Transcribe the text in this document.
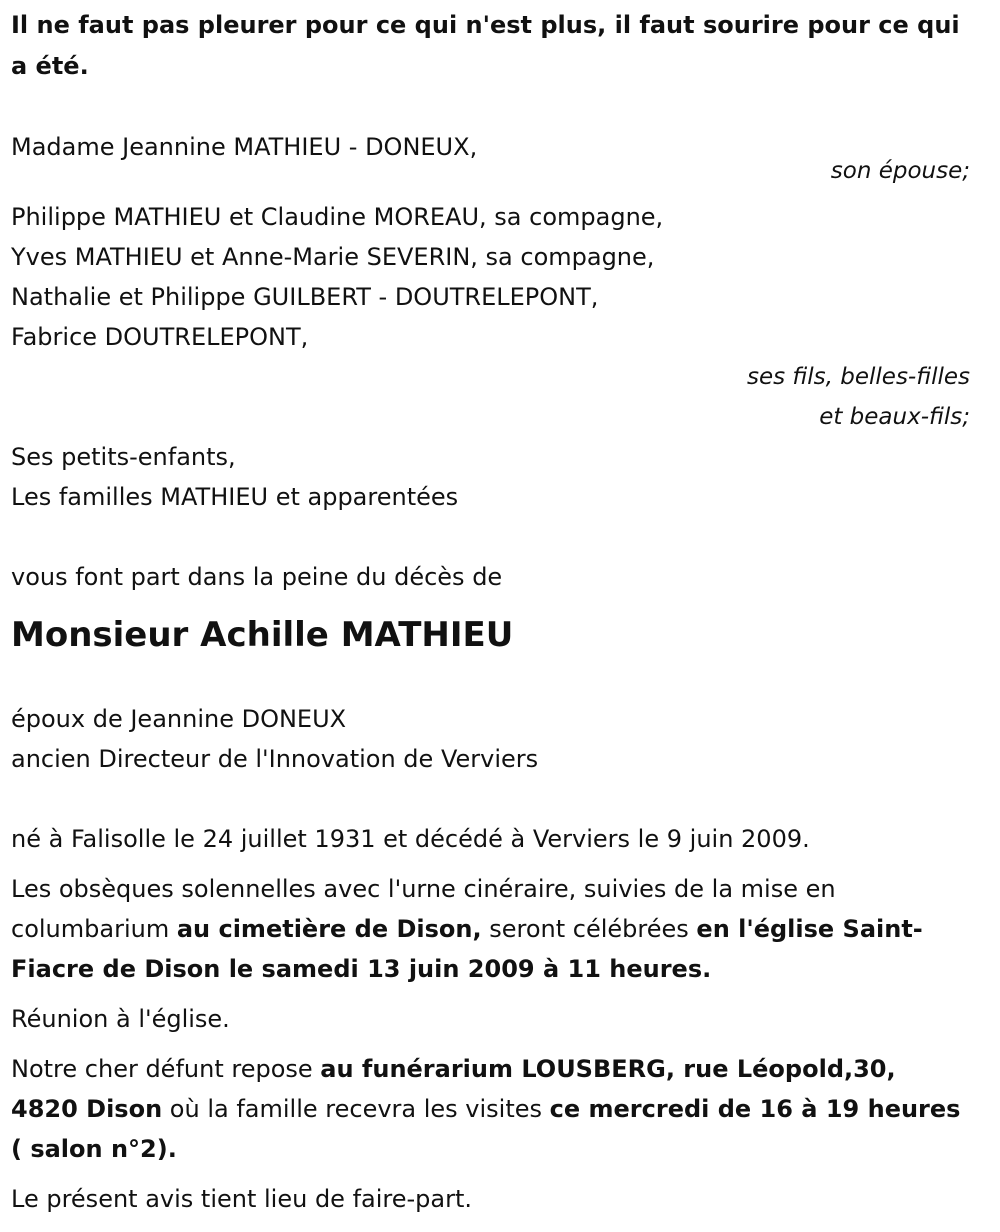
Il ne faut pas pleurer pour ce qui n'est plus, il faut sourire pour ce qui a été.

Madame Jeannine MATHIEU - DONEUX,

son épouse;

Philippe MATHIEU et Claudine MOREAU, sa compagne,

Yves MATHIEU et Anne-Marie SEVERIN, sa compagne,

Nathalie et Philippe GUILBERT - DOUTRELEPONT,

Fabrice DOUTRELEPONT,

ses fils, belles-filles

et beaux-fils;

Ses petits-enfants,

Les familles MATHIEU et apparentées

vous font part dans la peine du décès de

Monsieur Achille MATHIEU

époux de Jeannine DONEUX

ancien Directeur de l'Innovation de Verviers

né à Falisolle le 24 juillet 1931 et décédé à Verviers le 9 juin 2009.

Les obsèques solennelles avec l'urne cinéraire, suivies de la mise en columbarium au cimetière de Dison, seront célébrées en l'église Saint-Fiacre de Dison le samedi 13 juin 2009 à 11 heures.

Réunion à l'église.

Notre cher défunt repose au funérarium LOUSBERG, rue Léopold,30, 4820 Dison où la famille recevra les visites ce mercredi de 16 à 19 heures ( salon n°2).

Le présent avis tient lieu de faire-part.
